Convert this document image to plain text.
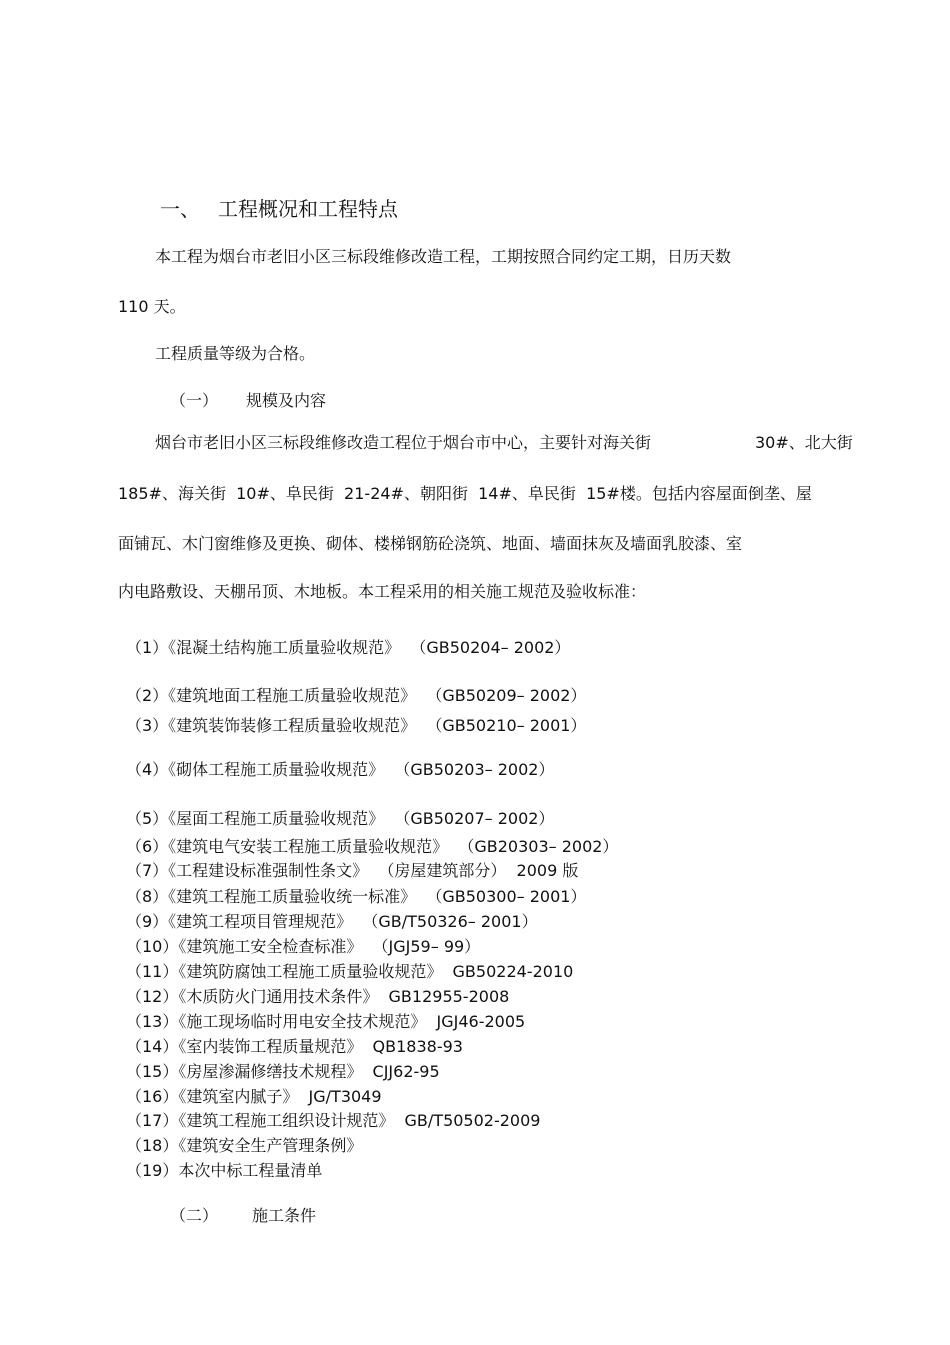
一、 工程概况和工程特点
本工程为烟台市老旧小区三标段维修改造工程，工期按照合同约定工期，日历天数
110 天。
工程质量等级为合格。
（一） 规模及内容
烟台市老旧小区三标段维修改造工程位于烟台市中心，主要针对海关街	30#、北大街
185#、海关街  10#、阜民街  21-24#、朝阳街  14#、阜民街  15#楼。包括内容屋面倒垄、屋
面铺瓦、木门窗维修及更换、砌体、楼梯钢筋砼浇筑、地面、墙面抹灰及墙面乳胶漆、室
内电路敷设、天棚吊顶、木地板。本工程采用的相关施工规范及验收标准：
（1）《混凝土结构施工质量验收规范》  （GB50204– 2002）
（2）《建筑地面工程施工质量验收规范》  （GB50209– 2002）
（3）《建筑装饰装修工程质量验收规范》  （GB50210– 2001）
（4）《砌体工程施工质量验收规范》  （GB50203– 2002）
（5）《屋面工程施工质量验收规范》  （GB50207– 2002）
（6）《建筑电气安装工程施工质量验收规范》  （GB20303– 2002）
（7）《工程建设标准强制性条文》  （房屋建筑部分）  2009 版
（8）《建筑工程施工质量验收统一标准》  （GB50300– 2001）
（9）《建筑工程项目管理规范》  （GB/T50326– 2001）
（10）《建筑施工安全检查标准》  （JGJ59– 99）
（11）《建筑防腐蚀工程施工质量验收规范》  GB50224-2010
（12）《木质防火门通用技术条件》  GB12955-2008
（13）《施工现场临时用电安全技术规范》  JGJ46-2005
（14）《室内装饰工程质量规范》  QB1838-93
（15）《房屋渗漏修缮技术规程》  CJJ62-95
（16）《建筑室内腻子》  JG/T3049
（17）《建筑工程施工组织设计规范》  GB/T50502-2009
（18）《建筑安全生产管理条例》
（19）本次中标工程量清单
（二） 施工条件
